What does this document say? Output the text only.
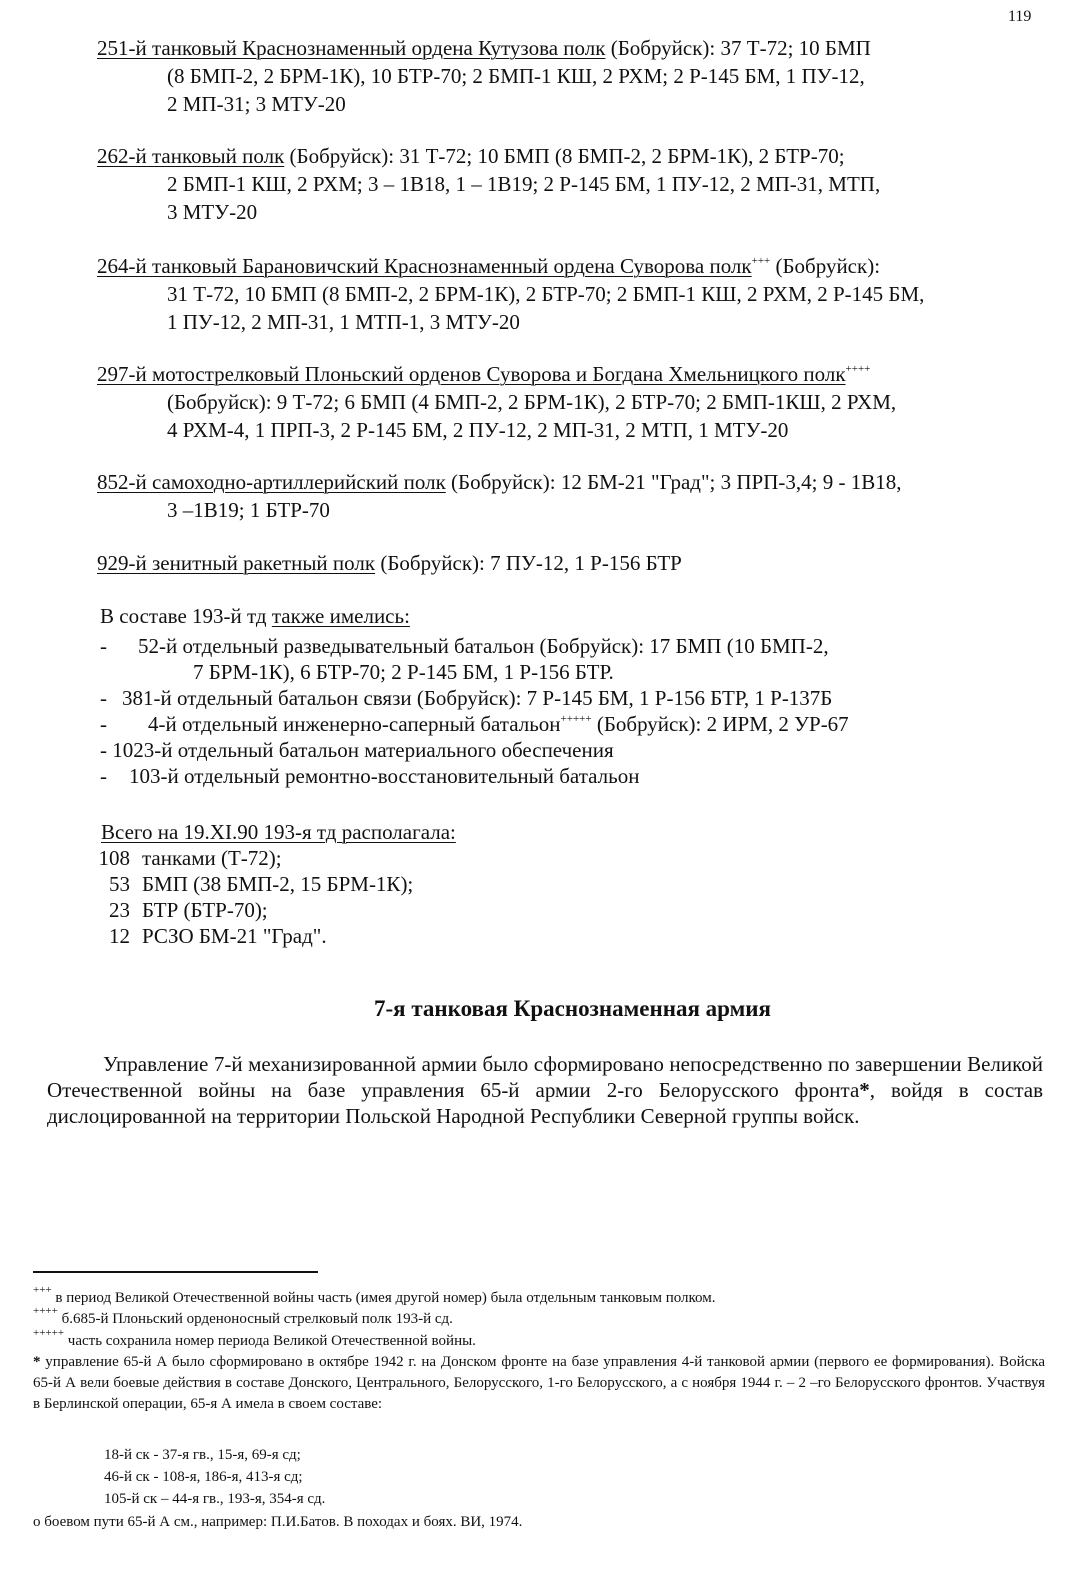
119
251-й танковый Краснознаменный ордена Кутузова полк (Бобруйск): 37 Т-72; 10 БМП
(8 БМП-2, 2 БРМ-1К), 10 БТР-70; 2 БМП-1 КШ, 2 РХМ; 2 Р-145 БМ, 1 ПУ-12,
2 МП-31; 3 МТУ-20
262-й танковый полк (Бобруйск): 31 Т-72; 10 БМП (8 БМП-2, 2 БРМ-1К), 2 БТР-70;
2 БМП-1 КШ, 2 РХМ; 3 – 1В18, 1 – 1В19; 2 Р-145 БМ, 1 ПУ-12, 2 МП-31, МТП,
3 МТУ-20
264-й танковый Барановичский Краснознаменный ордена Суворова полк+++ (Бобруйск):
31 Т-72, 10 БМП (8 БМП-2, 2 БРМ-1К), 2 БТР-70; 2 БМП-1 КШ, 2 РХМ, 2 Р-145 БМ,
1 ПУ-12, 2 МП-31, 1 МТП-1, 3 МТУ-20
297-й мотострелковый Плоньский орденов Суворова и Богдана Хмельницкого полк++++
(Бобруйск): 9 Т-72; 6 БМП (4 БМП-2, 2 БРМ-1К), 2 БТР-70; 2 БМП-1КШ, 2 РХМ,
4 РХМ-4, 1 ПРП-3, 2 Р-145 БМ, 2 ПУ-12, 2 МП-31, 2 МТП, 1 МТУ-20
852-й самоходно-артиллерийский полк (Бобруйск): 12 БМ-21 "Град"; 3 ПРП-3,4; 9 - 1В18,
3 –1В19; 1 БТР-70
929-й зенитный ракетный полк (Бобруйск): 7 ПУ-12, 1 Р-156 БТР
В составе 193-й тд также имелись:
- 52-й отдельный разведывательный батальон (Бобруйск): 17 БМП (10 БМП-2,
7 БРМ-1К), 6 БТР-70; 2 Р-145 БМ, 1 Р-156 БТР.
- 381-й отдельный батальон связи (Бобруйск): 7 Р-145 БМ, 1 Р-156 БТР, 1 Р-137Б
- 4-й отдельный инженерно-саперный батальон+++++ (Бобруйск): 2 ИРМ, 2 УР-67
- 1023-й отдельный батальон материального обеспечения
- 103-й отдельный ремонтно-восстановительный батальон
Всего на 19.XI.90 193-я тд располагала:
108 танками (Т-72);
53 БМП (38 БМП-2, 15 БРМ-1К);
23 БТР (БТР-70);
12 РСЗО БМ-21 "Град".
7-я танковая Краснознаменная армия
Управление 7-й механизированной армии было сформировано непосредственно по завершении Великой Отечественной войны на базе управления 65-й армии 2-го Белорусского фронта*, войдя в состав дислоцированной на территории Польской Народной Республики Северной группы войск.
+++ в период Великой Отечественной войны часть (имея другой номер) была отдельным танковым полком.
++++ б.685-й Плоньский орденоносный стрелковый полк 193-й сд.
+++++ часть сохранила номер периода Великой Отечественной войны.
* управление 65-й А было сформировано в октябре 1942 г. на Донском фронте на базе управления 4-й танковой армии (первого ее формирования). Войска 65-й А вели боевые действия в составе Донского, Центрального, Белорусского, 1-го Белорусского, а с ноября 1944 г. – 2 –го Белорусского фронтов. Участвуя в Берлинской операции, 65-я А имела в своем составе:
18-й ск - 37-я гв., 15-я, 69-я сд;
46-й ск - 108-я, 186-я, 413-я сд;
105-й ск – 44-я гв., 193-я, 354-я сд.
о боевом пути 65-й А см., например: П.И.Батов. В походах и боях. ВИ, 1974.
